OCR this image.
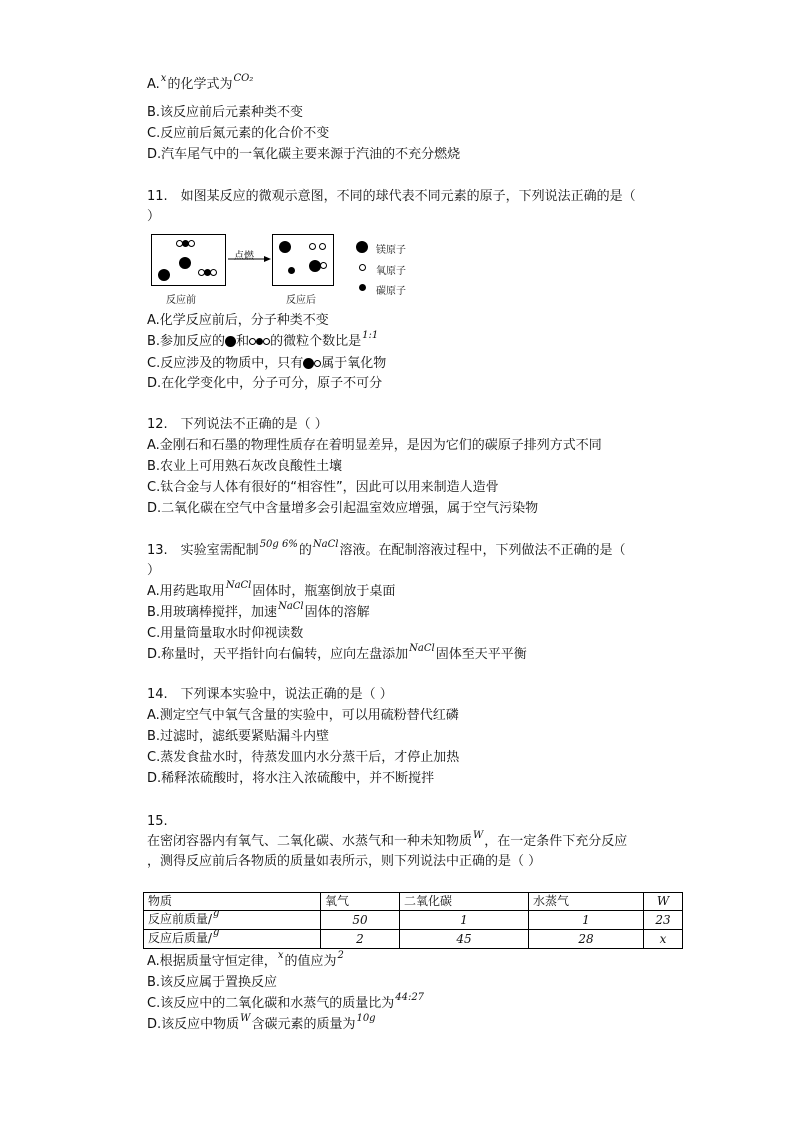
A.$^x$的化学式为$^{CO_2}$
B.该反应前后元素种类不变
C.反应前后氮元素的化合价不变
D.汽车尾气中的一氧化碳主要来源于汽油的不充分燃烧
11.　如图某反应的微观示意图，不同的球代表不同元素的原子，下列说法正确的是（
）
点燃
反应前	反应后
镁原子
氧原子
碳原子
A.化学反应前后，分子种类不变
B.参加反应的 和 的微粒个数比是$^{1:1}$
C.反应涉及的物质中，只有 属于氧化物
D.在化学变化中，分子可分，原子不可分
12.　下列说法不正确的是（ ）
A.金刚石和石墨的物理性质存在着明显差异，是因为它们的碳原子排列方式不同
B.农业上可用熟石灰改良酸性土壤
C.钛合金与人体有很好的“相容性”，因此可以用来制造人造骨
D.二氧化碳在空气中含量增多会引起温室效应增强，属于空气污染物
13.　实验室需配制$^{50g 6\%}$的$^{NaCl}$溶液。在配制溶液过程中，下列做法不正确的是（
）
A.用药匙取用$^{NaCl}$固体时，瓶塞倒放于桌面
B.用玻璃棒搅拌，加速$^{NaCl}$固体的溶解
C.用量筒量取水时仰视读数
D.称量时，天平指针向右偏转，应向左盘添加$^{NaCl}$固体至天平平衡
14.　下列课本实验中，说法正确的是（ ）
A.测定空气中氧气含量的实验中，可以用硫粉替代红磷
B.过滤时，滤纸要紧贴漏斗内壁
C.蒸发食盐水时，待蒸发皿内水分蒸干后，才停止加热
D.稀释浓硫酸时，将水注入浓硫酸中，并不断搅拌
15.
在密闭容器内有氧气、二氧化碳、水蒸气和一种未知物质$^W$，在一定条件下充分反应
，测得反应前后各物质的质量如表所示，则下列说法中正确的是（ ）
物质	氧气	二氧化碳	水蒸气	W
反应前质量/$^g$	50	1	1	23
反应后质量/$^g$	2	45	28	x
A.根据质量守恒定律，$^x$的值应为$^2$
B.该反应属于置换反应
C.该反应中的二氧化碳和水蒸气的质量比为$^{44:27}$
D.该反应中物质$^W$含碳元素的质量为$^{10g}$
